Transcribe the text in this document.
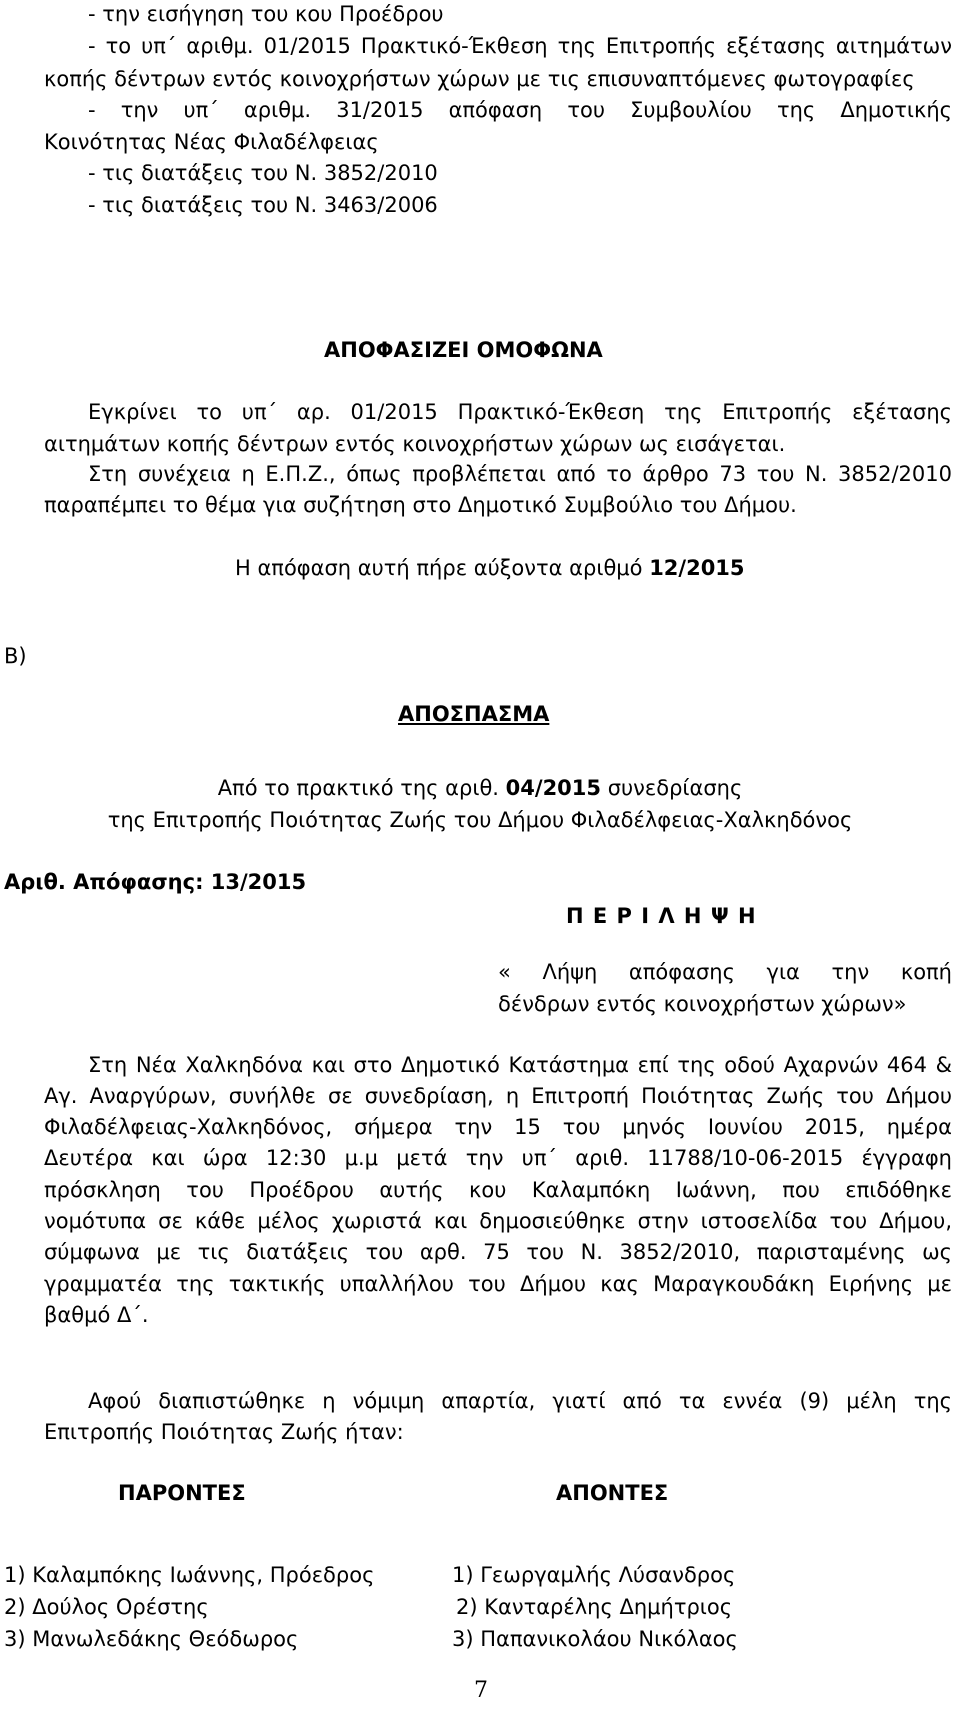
- την εισήγηση του κου Προέδρου

- το υπ΄ αριθμ. 01/2015 Πρακτικό-Έκθεση της Επιτροπής εξέτασης αιτημάτων

κοπής δέντρων εντός κοινοχρήστων χώρων με τις επισυναπτόμενες φωτογραφίες

- την υπ΄ αριθμ. 31/2015 απόφαση του Συμβουλίου της Δημοτικής

Κοινότητας Νέας Φιλαδέλφειας

- τις διατάξεις του Ν. 3852/2010

- τις διατάξεις του Ν. 3463/2006

ΑΠΟΦΑΣΙΖΕΙ ΟΜΟΦΩΝΑ

Εγκρίνει το υπ΄ αρ. 01/2015 Πρακτικό-Έκθεση της Επιτροπής εξέτασης

αιτημάτων κοπής δέντρων εντός κοινοχρήστων χώρων ως εισάγεται.

Στη συνέχεια η Ε.Π.Ζ., όπως προβλέπεται από το άρθρο 73 του Ν. 3852/2010

παραπέμπει το θέμα για συζήτηση στο Δημοτικό Συμβούλιο του Δήμου.

Η απόφαση αυτή πήρε αύξοντα αριθμό 12/2015

Β)

ΑΠΟΣΠΑΣΜΑ

Από το πρακτικό της αριθ. 04/2015 συνεδρίασης

της Επιτροπής Ποιότητας Ζωής του Δήμου Φιλαδέλφειας-Χαλκηδόνος

Αριθ. Απόφασης: 13/2015

Π Ε Ρ Ι Λ Η Ψ Η

« Λήψη απόφασης για την κοπή

δένδρων εντός κοινοχρήστων χώρων»

Στη Νέα Χαλκηδόνα και στο Δημοτικό Κατάστημα επί της οδού Αχαρνών 464 &

Αγ. Αναργύρων, συνήλθε σε συνεδρίαση, η Επιτροπή Ποιότητας Ζωής του Δήμου

Φιλαδέλφειας-Χαλκηδόνος, σήμερα την 15 του μηνός Ιουνίου 2015, ημέρα

Δευτέρα και ώρα 12:30 μ.μ μετά την υπ΄ αριθ. 11788/10-06-2015 έγγραφη

πρόσκληση του Προέδρου αυτής κου Καλαμπόκη Ιωάννη, που επιδόθηκε

νομότυπα σε κάθε μέλος χωριστά και δημοσιεύθηκε στην ιστοσελίδα του Δήμου,

σύμφωνα με τις διατάξεις του αρθ. 75 του Ν. 3852/2010, παρισταμένης ως

γραμματέα της τακτικής υπαλλήλου του Δήμου κας Μαραγκουδάκη Ειρήνης με

βαθμό Δ΄.

Αφού διαπιστώθηκε η νόμιμη απαρτία, γιατί από τα εννέα (9) μέλη της

Επιτροπής Ποιότητας Ζωής ήταν:

ΠΑΡΟΝΤΕΣ	ΑΠΟΝΤΕΣ

1) Καλαμπόκης Ιωάννης, Πρόεδρος

2) Δούλος Ορέστης

3) Μανωλεδάκης Θεόδωρος

1) Γεωργαμλής Λύσανδρος

2) Κανταρέλης Δημήτριος

3) Παπανικολάου Νικόλαος

7
